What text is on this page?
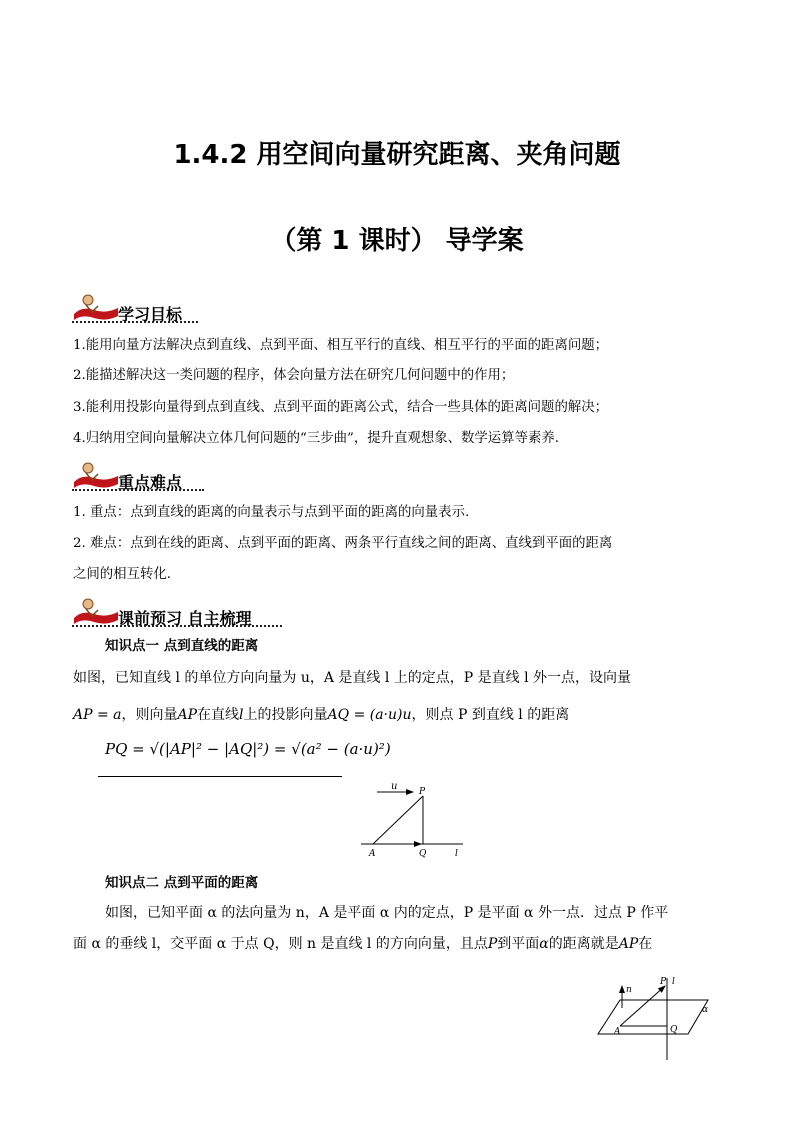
1.4.2 用空间向量研究距离、夹角问题
（第 1 课时） 导学案
学习目标
1.能用向量方法解决点到直线、点到平面、相互平行的直线、相互平行的平面的距离问题；
2.能描述解决这一类问题的程序，体会向量方法在研究几何问题中的作用；
3.能利用投影向量得到点到直线、点到平面的距离公式，结合一些具体的距离问题的解决；
4.归纳用空间向量解决立体几何问题的“三步曲”，提升直观想象、数学运算等素养.
重点难点
1. 重点：点到直线的距离的向量表示与点到平面的距离的向量表示.
2. 难点：点到在线的距离、点到平面的距离、两条平行直线之间的距离、直线到平面的距离
之间的相互转化.
课前预习 自主梳理
知识点一 点到直线的距离
如图，已知直线 l 的单位方向向量为 u，A 是直线 l 上的定点，P 是直线 l 外一点，设向量
AP = a，则向量AP在直线l上的投影向量AQ = (a·u)u，则点 P 到直线 l 的距离
PQ = √(|AP|² − |AQ|²) = √(a² − (a·u)²)
u P
A	Q	l
知识点二 点到平面的距离
如图，已知平面 α 的法向量为 n，A 是平面 α 内的定点，P 是平面 α 外一点．过点 P 作平
面 α 的垂线 l，交平面 α 于点 Q，则 n 是直线 l 的方向向量，且点P到平面α的距离就是AP在
n
P l
α
A	Q
